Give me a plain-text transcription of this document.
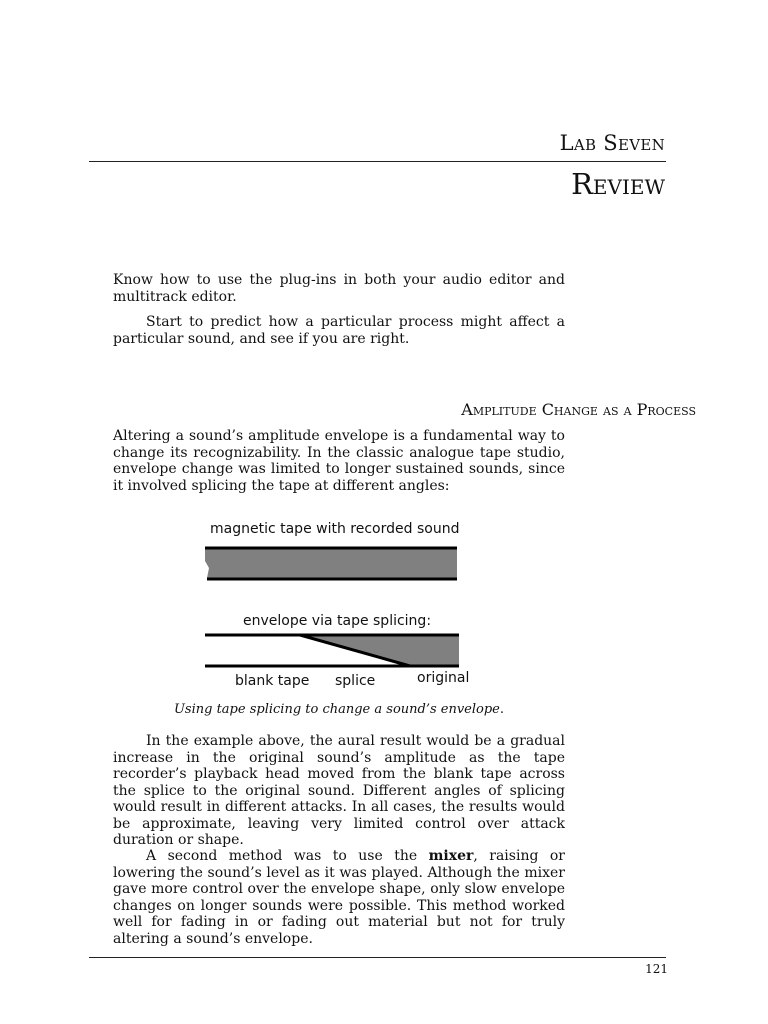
Lab Seven
Review

Know how to use the plug-ins in both your audio editor and multitrack editor.

Start to predict how a particular process might affect a particular sound, and see if you are right.

Amplitude Change as a Process

Altering a sound’s amplitude envelope is a fundamental way to change its recognizability. In the classic analogue tape studio, envelope change was limited to longer sustained sounds, since it involved splicing the tape at different angles:

magnetic tape with recorded sound
envelope via tape splicing:
blank tape splice	original
Using tape splicing to change a sound’s envelope.

In the example above, the aural result would be a gradual increase in the original sound’s amplitude as the tape recorder’s playback head moved from the blank tape across the splice to the original sound. Different angles of splicing would result in different attacks. In all cases, the results would be approximate, leaving very limited control over attack duration or shape.

A second method was to use the mixer, raising or lowering the sound’s level as it was played. Although the mixer gave more control over the envelope shape, only slow envelope changes on longer sounds were possible. This method worked well for fading in or fading out material but not for truly altering a sound’s envelope.

121
